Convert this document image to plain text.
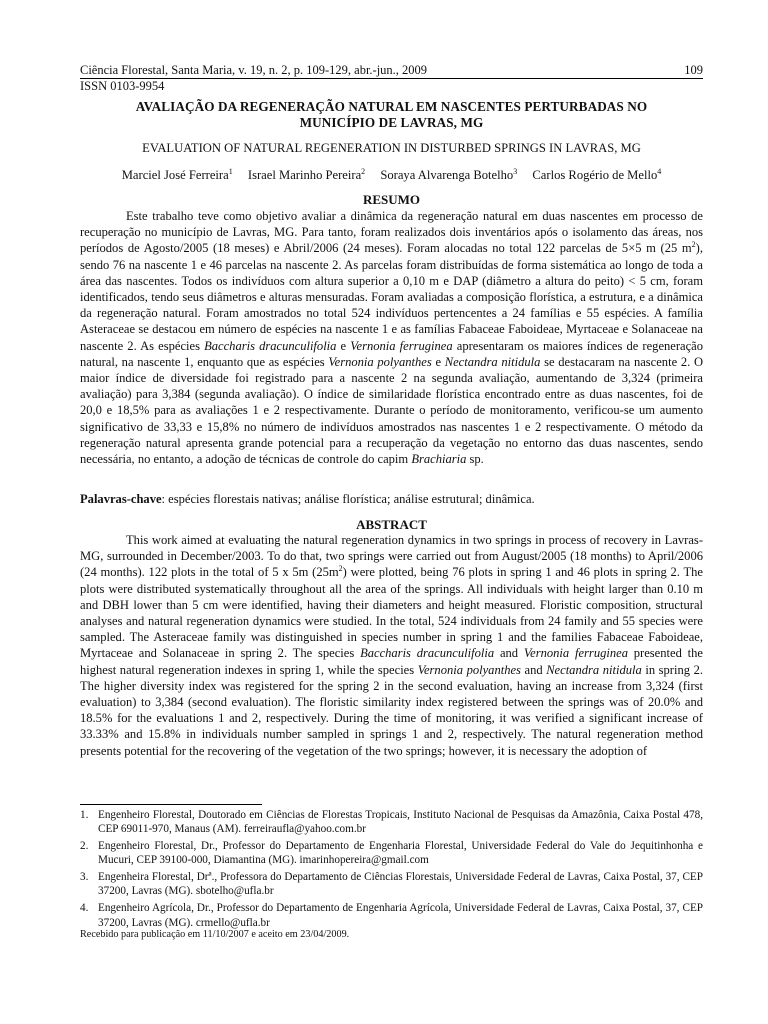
Ciência Florestal, Santa Maria, v. 19, n. 2, p. 109-129, abr.-jun., 2009	109
ISSN 0103-9954
AVALIAÇÃO DA REGENERAÇÃO NATURAL EM NASCENTES PERTURBADAS NO
MUNICÍPIO DE LAVRAS, MG
EVALUATION OF NATURAL REGENERATION IN DISTURBED SPRINGS IN LAVRAS, MG
Marciel José Ferreira$^1$ Israel Marinho Pereira$^2$ Soraya Alvarenga Botelho$^3$ Carlos Rogério de Mello$^4$
RESUMO

Este trabalho teve como objetivo avaliar a dinâmica da regeneração natural em duas nascentes em processo de recuperação no município de Lavras, MG. Para tanto, foram realizados dois inventários após o isolamento das áreas, nos períodos de Agosto/2005 (18 meses) e Abril/2006 (24 meses). Foram alocadas no total 122 parcelas de 5×5 m (25 $m^2$), sendo 76 na nascente 1 e 46 parcelas na nascente 2. As parcelas foram distribuídas de forma sistemática ao longo de toda a área das nascentes. Todos os indivíduos com altura superior a 0,10 m e DAP (diâmetro a altura do peito) < 5 cm, foram identificados, tendo seus diâmetros e alturas mensuradas. Foram avaliadas a composição florística, a estrutura, e a dinâmica da regeneração natural. Foram amostrados no total 524 indivíduos pertencentes a 24 famílias e 55 espécies. A família Asteraceae se destacou em número de espécies na nascente 1 e as famílias Fabaceae Faboideae, Myrtaceae e Solanaceae na nascente 2. As espécies Baccharis dracunculifolia e Vernonia ferruginea apresentaram os maiores índices de regeneração natural, na nascente 1, enquanto que as espécies Vernonia polyanthes e Nectandra nitidula se destacaram na nascente 2. O maior índice de diversidade foi registrado para a nascente 2 na segunda avaliação, aumentando de 3,324 (primeira avaliação) para 3,384 (segunda avaliação). O índice de similaridade florística encontrado entre as duas nascentes, foi de 20,0 e 18,5% para as avaliações 1 e 2 respectivamente. Durante o período de monitoramento, verificou-se um aumento significativo de 33,33 e 15,8% no número de indivíduos amostrados nas nascentes 1 e 2 respectivamente. O método da regeneração natural apresenta grande potencial para a recuperação da vegetação no entorno das duas nascentes, sendo necessária, no entanto, a adoção de técnicas de controle do capim Brachiaria sp.

Palavras-chave: espécies florestais nativas; análise florística; análise estrutural; dinâmica.
ABSTRACT

This work aimed at evaluating the natural regeneration dynamics in two springs in process of recovery in Lavras-MG, surrounded in December/2003. To do that, two springs were carried out from August/2005 (18 months) to April/2006 (24 months). 122 plots in the total of 5 x 5m $(25m^2)$ were plotted, being 76 plots in spring 1 and 46 plots in spring 2. The plots were distributed systematically throughout all the area of the springs. All individuals with height larger than 0.10 m and DBH lower than 5 cm were identified, having their diameters and height measured. Floristic composition, structural analyses and natural regeneration dynamics were studied. In the total, 524 individuals from 24 family and 55 species were sampled. The Asteraceae family was distinguished in species number in spring 1 and the families Fabaceae Faboideae, Myrtaceae and Solanaceae in spring 2. The species Baccharis dracunculifolia and Vernonia ferruginea presented the highest natural regeneration indexes in spring 1, while the species Vernonia polyanthes and Nectandra nitidula in spring 2. The higher diversity index was registered for the spring 2 in the second evaluation, having an increase from 3,324 (first evaluation) to 3,384 (second evaluation). The floristic similarity index registered between the springs was of 20.0% and 18.5% for the evaluations 1 and 2, respectively. During the time of monitoring, it was verified a significant increase of 33.33% and 15.8% in individuals number sampled in springs 1 and 2, respectively. The natural regeneration method presents potential for the recovering of the vegetation of the two springs; however, it is necessary the adoption of

1. Engenheiro Florestal, Doutorado em Ciências de Florestas Tropicais, Instituto Nacional de Pesquisas da Amazônia, Caixa Postal 478, CEP 69011-970, Manaus (AM). ferreiraufla@yahoo.com.br
2. Engenheiro Florestal, Dr., Professor do Departamento de Engenharia Florestal, Universidade Federal do Vale do Jequitinhonha e Mucuri, CEP 39100-000, Diamantina (MG). imarinhopereira@gmail.com
3. Engenheira Florestal, Drª., Professora do Departamento de Ciências Florestais, Universidade Federal de Lavras, Caixa Postal, 37, CEP 37200, Lavras (MG). sbotelho@ufla.br
4. Engenheiro Agrícola, Dr., Professor do Departamento de Engenharia Agrícola, Universidade Federal de Lavras, Caixa Postal, 37, CEP 37200, Lavras (MG). crmello@ufla.br
Recebido para publicação em 11/10/2007 e aceito em 23/04/2009.
